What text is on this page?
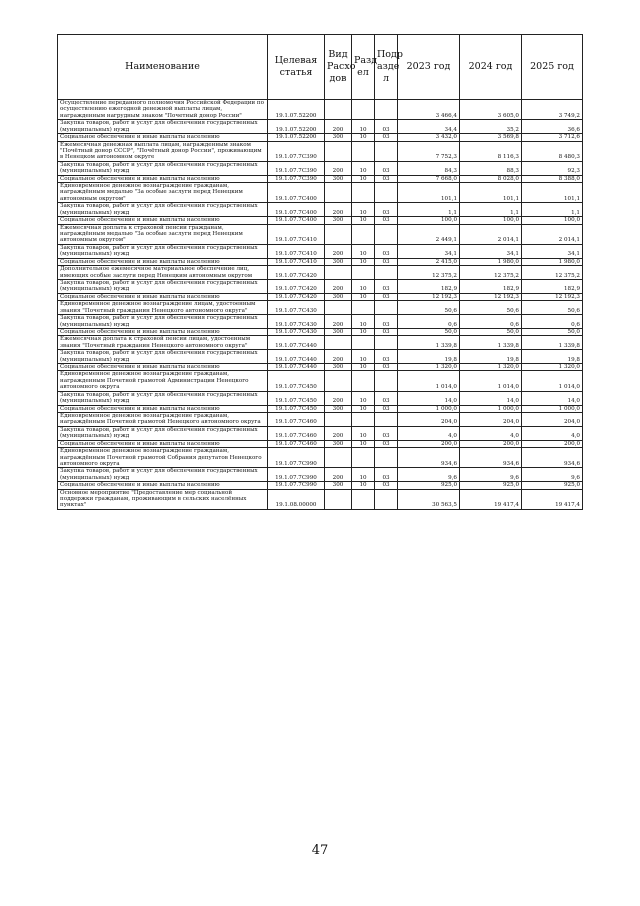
Наименование	Целевая статья	Вид Расхо дов	Разд ел	Подр азде л	2023 год	2024 год	2025 год
Осуществление переданного полномочия Российской Федерации по осуществлению ежегодной денежной выплаты лицам, награжденным нагрудным знаком "Почетный донор России"	19.1.07.52200				3 466,4	3 605,0	3 749,2
Закупка товаров, работ и услуг для обеспечения государственных (муниципальных) нужд	19.1.07.52200	200	10	03	34,4	35,2	36,6
Социальное обеспечение и иные выплаты населению	19.1.07.52200	300	10	03	3 432,0	3 569,8	3 712,6
Ежемесячная денежная выплата лицам, награжденным знаком "Почётный донор СССР", "Почётный донор России", проживающим в Ненецком автономном округе	19.1.07.7С390				7 752,3	8 116,3	8 480,3
Закупка товаров, работ и услуг для обеспечения государственных (муниципальных) нужд	19.1.07.7С390	200	10	03	84,3	88,3	92,3
Социальное обеспечение и иные выплаты населению	19.1.07.7С390	300	10	03	7 668,0	8 028,0	8 388,0
Единовременное денежное вознаграждение гражданам, награждённым медалью "За особые заслуги перед Ненецким автономным округом"	19.1.07.7С400				101,1	101,1	101,1
Закупка товаров, работ и услуг для обеспечения государственных (муниципальных) нужд	19.1.07.7С400	200	10	03	1,1	1,1	1,1
Социальное обеспечение и иные выплаты населению	19.1.07.7С400	300	10	03	100,0	100,0	100,0
Ежемесячная доплата к страховой пенсии гражданам, награждённым медалью "За особые заслуги перед Ненецким автономным округом"	19.1.07.7С410				2 449,1	2 014,1	2 014,1
Закупка товаров, работ и услуг для обеспечения государственных (муниципальных) нужд	19.1.07.7С410	200	10	03	34,1	34,1	34,1
Социальное обеспечение и иные выплаты населению	19.1.07.7С410	300	10	03	2 415,0	1 980,0	1 980,0
Дополнительное ежемесячное материальное обеспечение лиц, имеющих особые заслуги перед Ненецким автономным округом	19.1.07.7С420				12 375,2	12 375,2	12 375,2
Закупка товаров, работ и услуг для обеспечения государственных (муниципальных) нужд	19.1.07.7С420	200	10	03	182,9	182,9	182,9
Социальное обеспечение и иные выплаты населению	19.1.07.7С420	300	10	03	12 192,3	12 192,3	12 192,3
Единовременное денежное вознаграждение лицам, удостоенным звания "Почетный гражданин Ненецкого автономного округа"	19.1.07.7С430				50,6	50,6	50,6
Закупка товаров, работ и услуг для обеспечения государственных (муниципальных) нужд	19.1.07.7С430	200	10	03	0,6	0,6	0,6
Социальное обеспечение и иные выплаты населению	19.1.07.7С430	300	10	03	50,0	50,0	50,0
Ежемесячная доплата к страховой пенсии лицам, удостоенным звания "Почетный гражданин Ненецкого автономного округа"	19.1.07.7С440				1 339,8	1 339,8	1 339,8
Закупка товаров, работ и услуг для обеспечения государственных (муниципальных) нужд	19.1.07.7С440	200	10	03	19,8	19,8	19,8
Социальное обеспечение и иные выплаты населению	19.1.07.7С440	300	10	03	1 320,0	1 320,0	1 320,0
Единовременное денежное вознаграждение гражданам, награжденным Почетной грамотой Администрации Ненецкого автономного округа	19.1.07.7С450				1 014,0	1 014,0	1 014,0
Закупка товаров, работ и услуг для обеспечения государственных (муниципальных) нужд	19.1.07.7С450	200	10	03	14,0	14,0	14,0
Социальное обеспечение и иные выплаты населению	19.1.07.7С450	300	10	03	1 000,0	1 000,0	1 000,0
Единовременное денежное вознаграждение гражданам, награждённым Почетной грамотой Ненецкого автономного округа	19.1.07.7С460				204,0	204,0	204,0
Закупка товаров, работ и услуг для обеспечения государственных (муниципальных) нужд	19.1.07.7С460	200	10	03	4,0	4,0	4,0
Социальное обеспечение и иные выплаты населению	19.1.07.7С460	300	10	03	200,0	200,0	200,0
Единовременное денежное вознаграждение гражданам, награждённым Почетной грамотой Собрания депутатов Ненецкого автономного округа	19.1.07.7С990				934,6	934,6	934,6
Закупка товаров, работ и услуг для обеспечения государственных (муниципальных) нужд	19.1.07.7С990	200	10	03	9,6	9,6	9,6
Социальное обеспечение и иные выплаты населению	19.1.07.7С990	300	10	03	925,0	925,0	925,0
Основное мероприятие "Предоставление мер социальной поддержки гражданам, проживающим в сельских населённых пунктах"	19.1.08.00000				30 563,5	19 417,4	19 417,4
47
